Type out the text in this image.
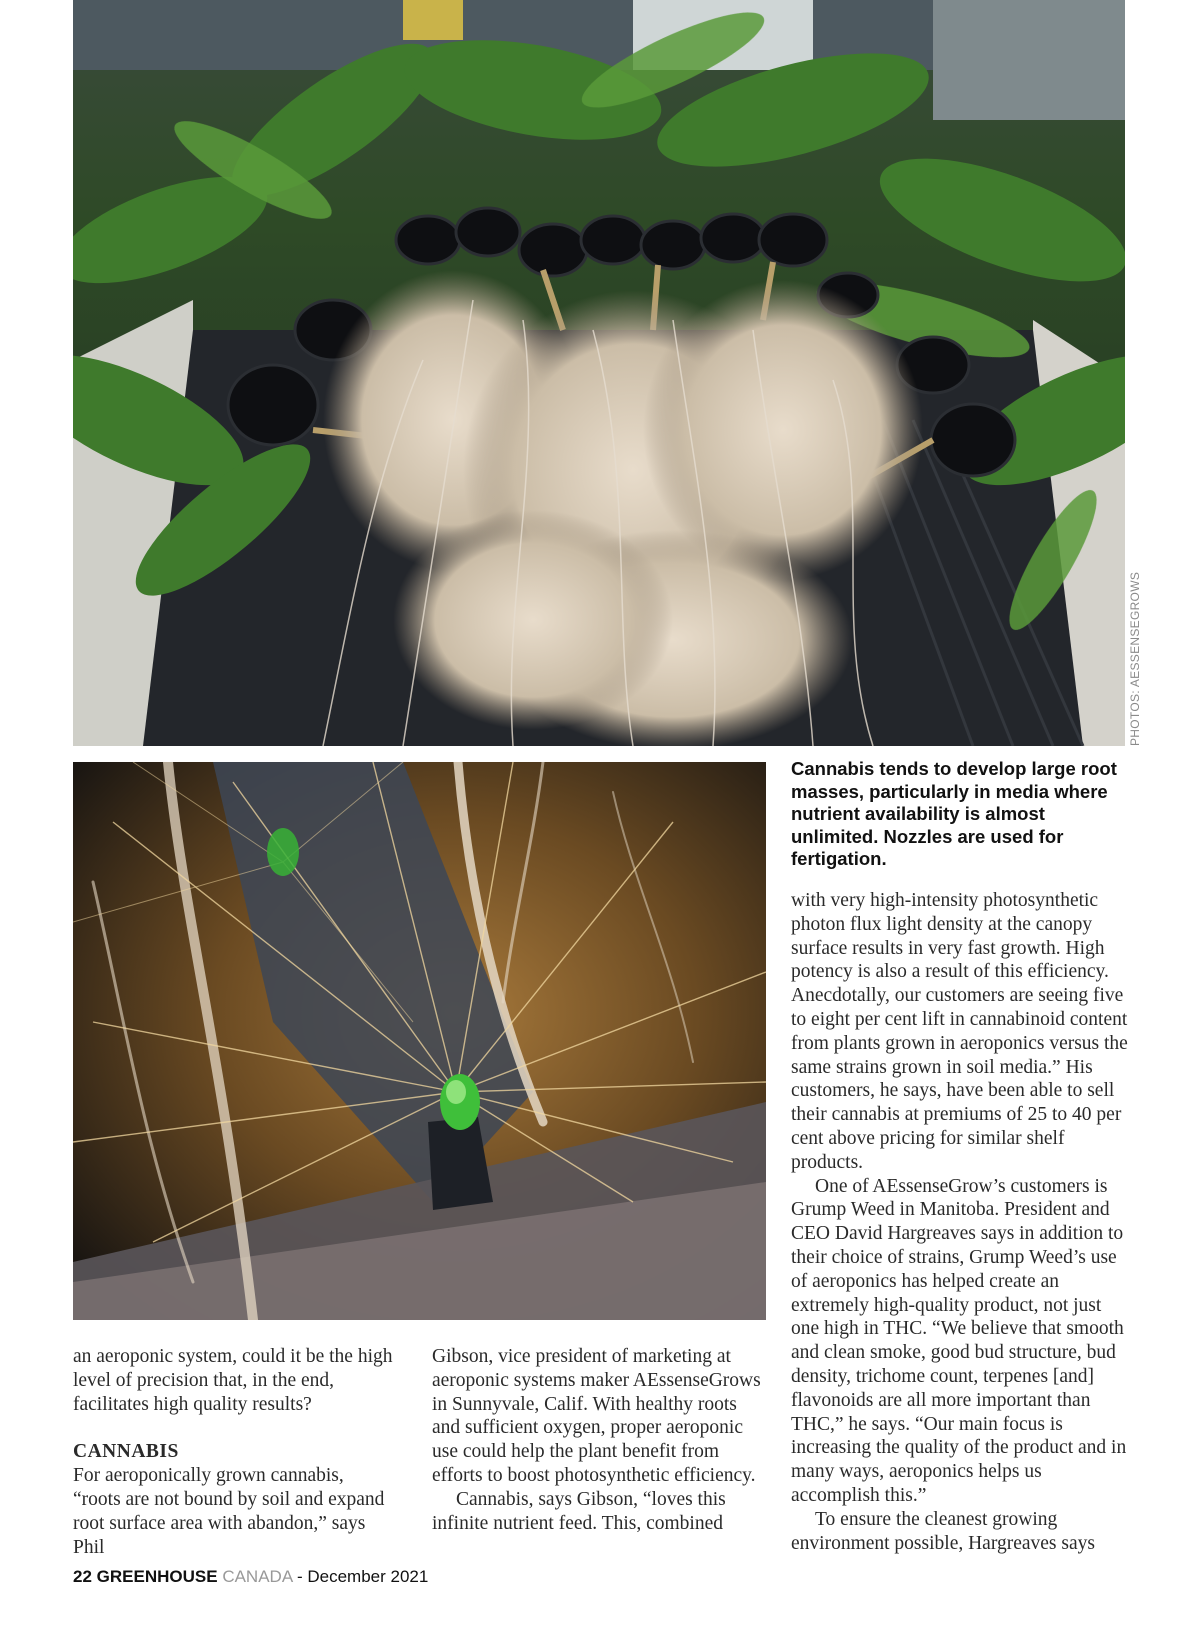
PHOTOS: AESSENSEGROWS
Cannabis tends to develop large root masses, particularly in media where nutrient availability is almost unlimited. Nozzles are used for fertigation.

an aeroponic system, could it be the high level of precision that, in the end, facilitates high quality results?

CANNABIS

For aeroponically grown cannabis, “roots are not bound by soil and expand root surface area with abandon,” says Phil

Gibson, vice president of marketing at aeroponic systems maker AEssenseGrows in Sunnyvale, Calif. With healthy roots and sufficient oxygen, proper aeroponic use could help the plant benefit from efforts to boost photosynthetic efficiency.

Cannabis, says Gibson, “loves this infinite nutrient feed. This, combined

with very high-intensity photosynthetic photon flux light density at the canopy surface results in very fast growth. High potency is also a result of this efficiency. Anecdotally, our customers are seeing five to eight per cent lift in cannabinoid content from plants grown in aeroponics versus the same strains grown in soil media.” His customers, he says, have been able to sell their cannabis at premiums of 25 to 40 per cent above pricing for similar shelf products.

One of AEssenseGrow’s customers is Grump Weed in Manitoba. President and CEO David Hargreaves says in addition to their choice of strains, Grump Weed’s use of aeroponics has helped create an extremely high-quality product, not just one high in THC. “We believe that smooth and clean smoke, good bud structure, bud density, trichome count, terpenes [and] flavonoids are all more important than THC,” he says. “Our main focus is increasing the quality of the product and in many ways, aeroponics helps us accomplish this.”

To ensure the cleanest growing environment possible, Hargreaves says

22 GREENHOUSE CANADA - December 2021
